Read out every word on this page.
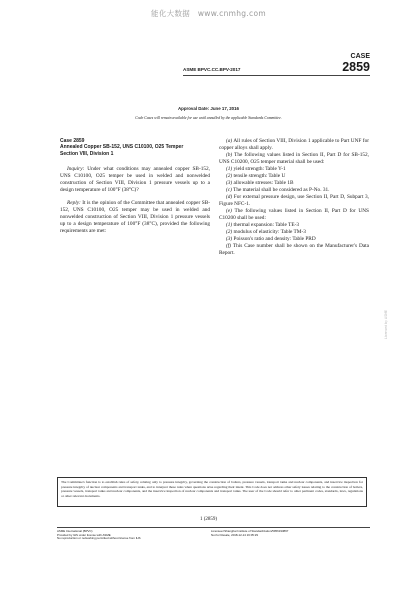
能化大数据　www.cnmhg.com
CASE
2859
ASME BPVC.CC.BPV-2017
Approval Date: June 17, 2016
Code Cases will remain available for use until annulled by the applicable Standards Committee.
Case 2859
Annealed Copper SB-152, UNS C10100, O25 Temper
Section VIII, Division 1

Inquiry: Under what conditions may annealed copper SB-152, UNS C10100, O25 temper be used in welded and nonwelded construction of Section VIII, Division 1 pressure vessels up to a design temperature of 100°F (38°C)?

Reply: It is the opinion of the Committee that annealed copper SB-152, UNS C10100, O25 temper may be used in welded and nonwelded construction of Section VIII, Division 1 pressure vessels up to a design temperature of 100°F (38°C), provided the following requirements are met:

(a) All rules of Section VIII, Division 1 applicable to Part UNF for copper alloys shall apply.

(b) The following values listed in Section II, Part D for SB-152, UNS C10200, O25 temper material shall be used:

(1) yield strength: Table Y-1

(2) tensile strength: Table U

(3) allowable stresses: Table 1B

(c) The material shall be considered as P-No. 31.

(d) For external pressure design, use Section II, Part D, Subpart 3, Figure NFC-1.

(e) The following values listed in Section II, Part D for UNS C10200 shall be used:

(1) thermal expansion: Table TE-3

(2) modulus of elasticity: Table TM-3

(3) Poisson's ratio and density: Table PRD

(f) This Case number shall be shown on the Manufacturer's Data Report.

Licensed by ASME
The Committee's function is to establish rules of safety, relating only to pressure integrity, governing the construction of boilers, pressure vessels, transport tanks and nuclear components, and inservice inspection for pressure integrity of nuclear components and transport tanks, and to interpret these rules when questions arise regarding their intent. This Code does not address other safety issues relating to the construction of boilers, pressure vessels, transport tanks and nuclear components, and the inservice inspection of nuclear components and transport tanks. The user of the Code should refer to other pertinent codes, standards, laws, regulations or other relevant documents.
1 (2859)
ASME International (BPVC)
Provided by IHS under license with ASME
No reproduction or networking permitted without license from IHS
Licensee=Shanghai Institute of Standardization/5956193897
Not for Resale, 2018-12-14 16:05:29
